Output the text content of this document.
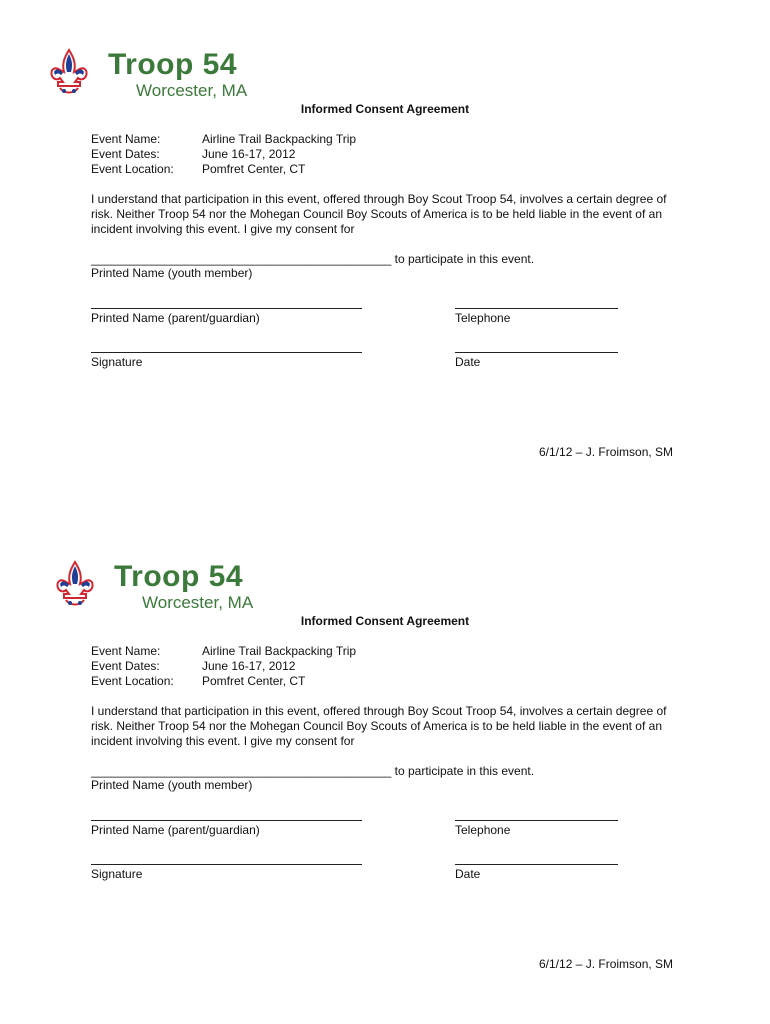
Troop 54
Worcester, MA
Informed Consent Agreement
Event Name:	Airline Trail Backpacking Trip
Event Dates:	June 16-17, 2012
Event Location: Pomfret Center, CT
I understand that participation in this event, offered through Boy Scout Troop 54, involves a certain degree of risk. Neither Troop 54 nor the Mohegan Council Boy Scouts of America is to be held liable in the event of an incident involving this event. I give my consent for
_____________________________________________ to participate in this event.
Printed Name (youth member)
Printed Name (parent/guardian)	Telephone
Signature	Date
6/1/12 – J. Froimson, SM
Troop 54
Worcester, MA
Informed Consent Agreement
Event Name:	Airline Trail Backpacking Trip
Event Dates:	June 16-17, 2012
Event Location: Pomfret Center, CT
I understand that participation in this event, offered through Boy Scout Troop 54, involves a certain degree of risk. Neither Troop 54 nor the Mohegan Council Boy Scouts of America is to be held liable in the event of an incident involving this event. I give my consent for
_____________________________________________ to participate in this event.
Printed Name (youth member)
Printed Name (parent/guardian)	Telephone
Signature	Date
6/1/12 – J. Froimson, SM
